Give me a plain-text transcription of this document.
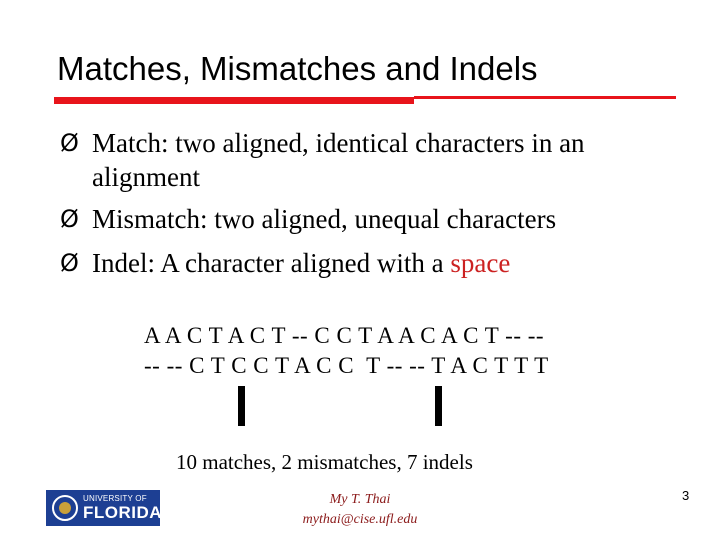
Matches, Mismatches and Indels
Ø Match: two aligned, identical characters in an
alignment
Ø Mismatch: two aligned, unequal characters
Ø Indel: A character aligned with a space
A A C T A C T -- C C T A A C A C T -- --
-- -- C T C C T A C C  T -- -- T A C T T T
10 matches, 2 mismatches, 7 indels
UNIVERSITY OF
FLORIDA
My T. Thai
mythai@cise.ufl.edu
3
